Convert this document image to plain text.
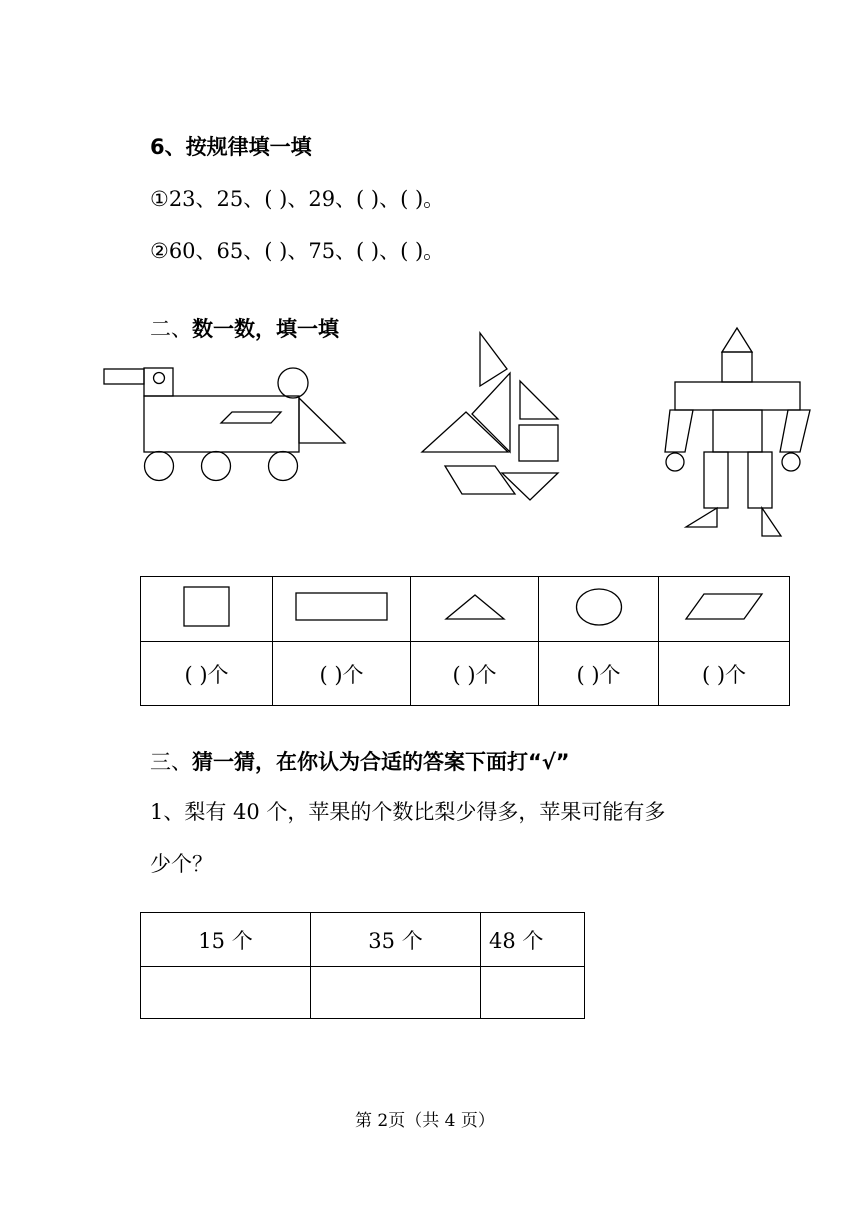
6、按规律填一填
①23、25、( )、29、( )、( )。
②60、65、( )、75、( )、( )。
二、数一数，填一填

( )个	( )个	( )个	( )个	( )个
三、猜一猜，在你认为合适的答案下面打“√”
1、梨有 40 个，苹果的个数比梨少得多，苹果可能有多
少个？
15 个	35 个	48 个

第 2页（共 4 页）
